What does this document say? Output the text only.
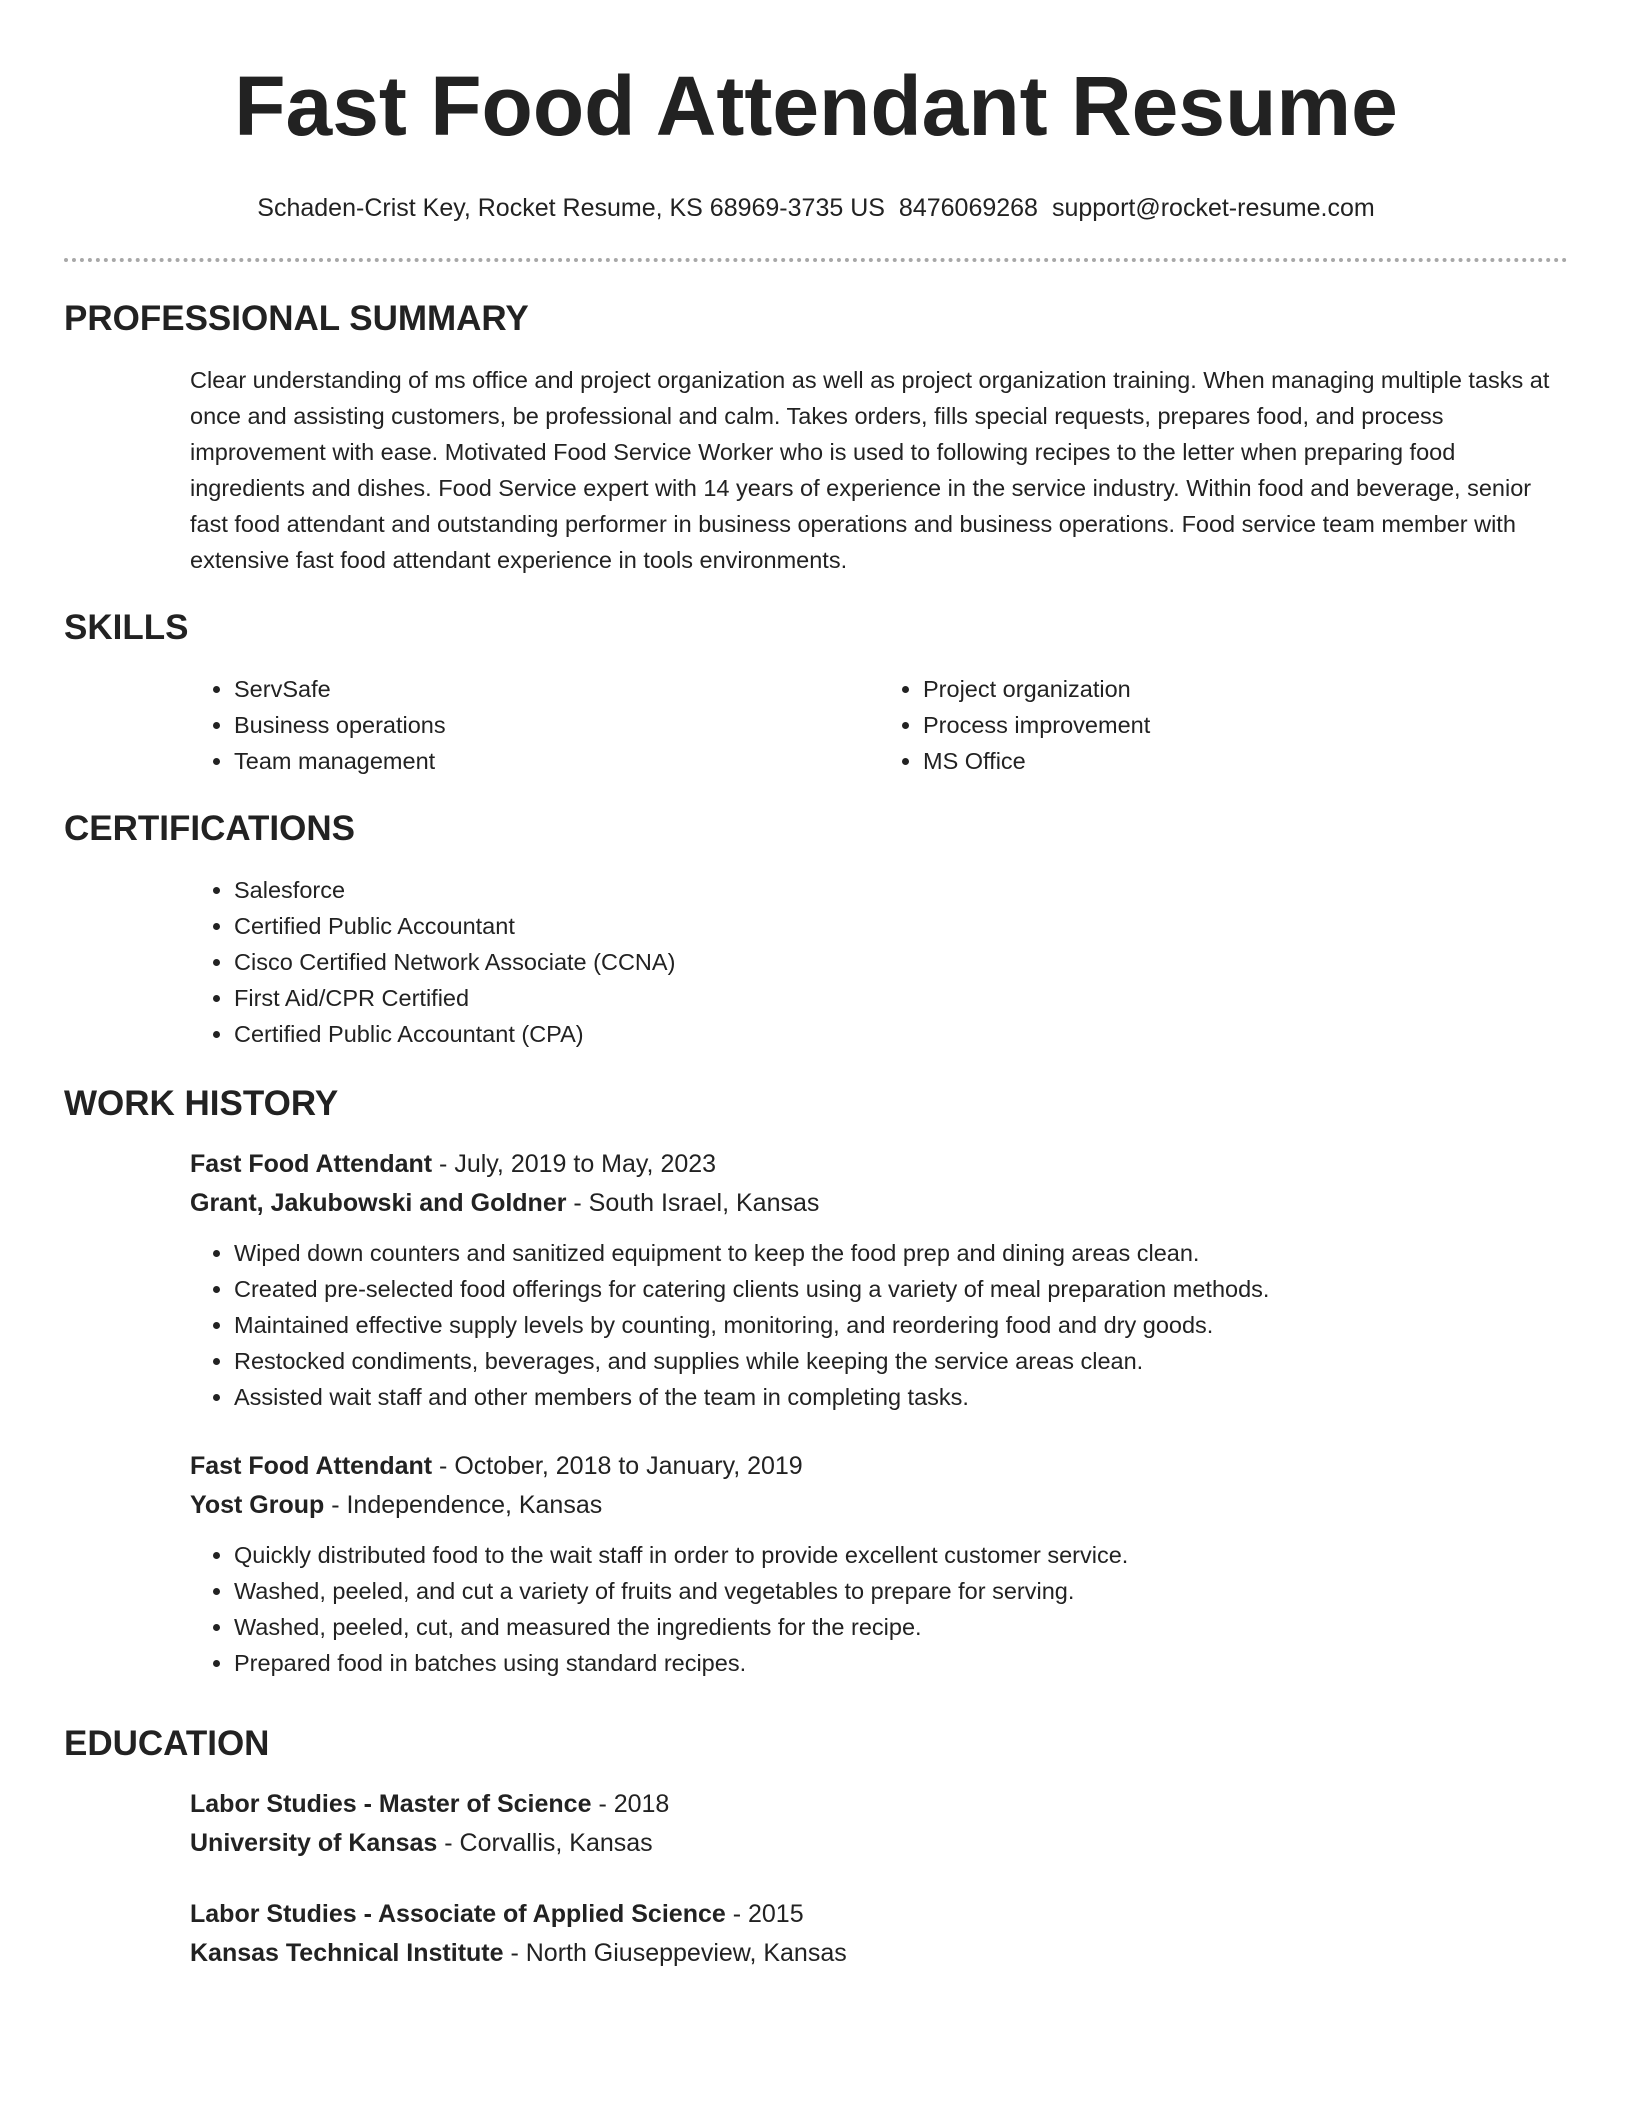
Fast Food Attendant Resume
Schaden-Crist Key, Rocket Resume, KS 68969-3735 US 8476069268 support@rocket-resume.com
PROFESSIONAL SUMMARY

Clear understanding of ms office and project organization as well as project organization training. When managing multiple tasks at once and assisting customers, be professional and calm. Takes orders, fills special requests, prepares food, and process improvement with ease. Motivated Food Service Worker who is used to following recipes to the letter when preparing food ingredients and dishes. Food Service expert with 14 years of experience in the service industry. Within food and beverage, senior fast food attendant and outstanding performer in business operations and business operations. Food service team member with extensive fast food attendant experience in tools environments.

SKILLS
• ServSafe
• Business operations
• Team management
• Project organization
• Process improvement
• MS Office
CERTIFICATIONS
• Salesforce
• Certified Public Accountant
• Cisco Certified Network Associate (CCNA)
• First Aid/CPR Certified
• Certified Public Accountant (CPA)
WORK HISTORY
Fast Food Attendant - July, 2019 to May, 2023
Grant, Jakubowski and Goldner - South Israel, Kansas
• Wiped down counters and sanitized equipment to keep the food prep and dining areas clean.
• Created pre-selected food offerings for catering clients using a variety of meal preparation methods.
• Maintained effective supply levels by counting, monitoring, and reordering food and dry goods.
• Restocked condiments, beverages, and supplies while keeping the service areas clean.
• Assisted wait staff and other members of the team in completing tasks.
Fast Food Attendant - October, 2018 to January, 2019
Yost Group - Independence, Kansas
• Quickly distributed food to the wait staff in order to provide excellent customer service.
• Washed, peeled, and cut a variety of fruits and vegetables to prepare for serving.
• Washed, peeled, cut, and measured the ingredients for the recipe.
• Prepared food in batches using standard recipes.
EDUCATION
Labor Studies - Master of Science - 2018
University of Kansas - Corvallis, Kansas
Labor Studies - Associate of Applied Science - 2015
Kansas Technical Institute - North Giuseppeview, Kansas
